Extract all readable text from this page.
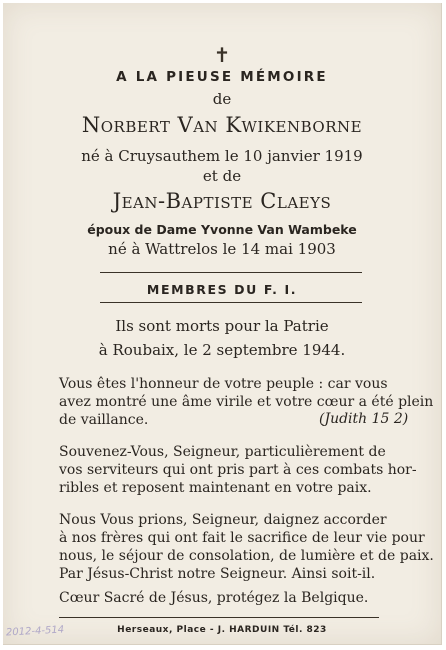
✝
A LA PIEUSE MÉMOIRE
de
Norbert Van Kwikenborne
né à Cruysauthem le 10 janvier 1919
et de
Jean-Baptiste Claeys
époux de Dame Yvonne Van Wambeke
né à Wattrelos le 14 mai 1903
MEMBRES DU F. I.
Ils sont morts pour la Patrie
à Roubaix, le 2 septembre 1944.
Vous êtes l'honneur de votre peuple : car vous
avez montré une âme virile et votre cœur a été plein
de vaillance.	(Judith 15 2)
Souvenez-Vous, Seigneur, particulièrement de
vos serviteurs qui ont pris part à ces combats hor-
ribles et reposent maintenant en votre paix.
Nous Vous prions, Seigneur, daignez accorder
à nos frères qui ont fait le sacrifice de leur vie pour
nous, le séjour de consolation, de lumière et de paix.
Par Jésus-Christ notre Seigneur. Ainsi soit-il.
Cœur Sacré de Jésus, protégez la Belgique.
Herseaux, Place - J. HARDUIN Tél. 823
2012-4-514
